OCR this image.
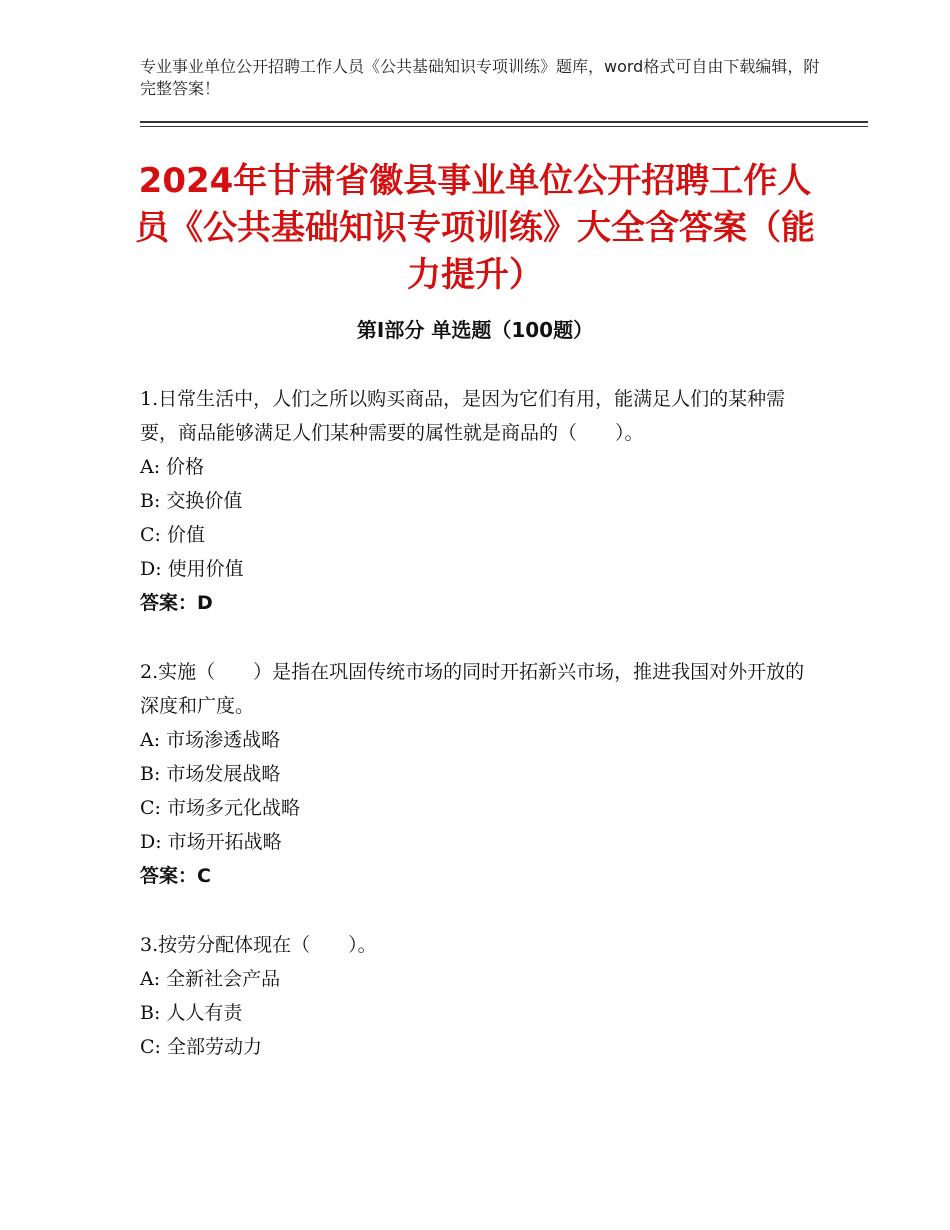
专业事业单位公开招聘工作人员《公共基础知识专项训练》题库，word格式可自由下载编辑，附完整答案！
2024年甘肃省徽县事业单位公开招聘工作人员《公共基础知识专项训练》大全含答案（能力提升）
第I部分 单选题（100题）

1.日常生活中，人们之所以购买商品，是因为它们有用，能满足人们的某种需要，商品能够满足人们某种需要的属性就是商品的（　　）。

A: 价格

B: 交换价值

C: 价值

D: 使用价值

答案：D

2.实施（　　）是指在巩固传统市场的同时开拓新兴市场，推进我国对外开放的深度和广度。

A: 市场渗透战略

B: 市场发展战略

C: 市场多元化战略

D: 市场开拓战略

答案：C

3.按劳分配体现在（　　）。

A: 全新社会产品

B: 人人有责

C: 全部劳动力
